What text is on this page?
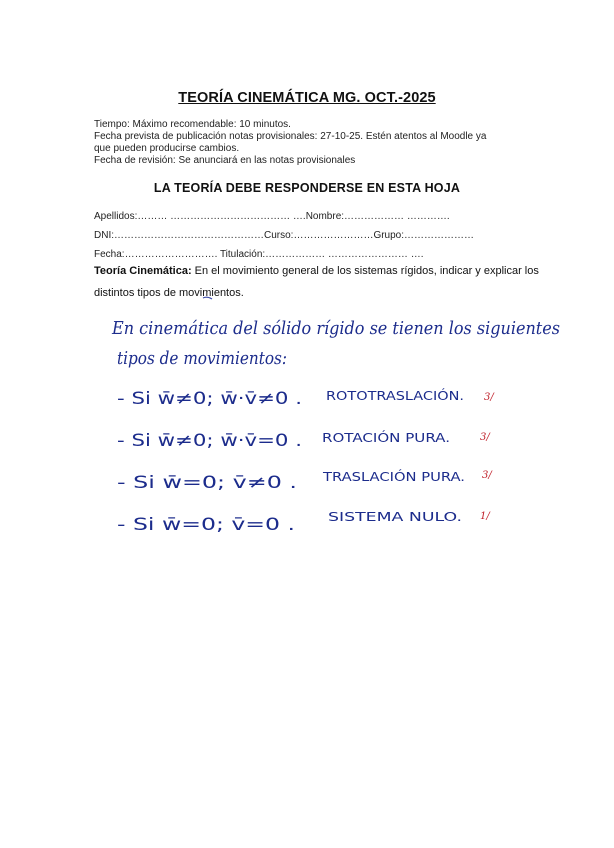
TEORÍA CINEMÁTICA MG. OCT.-2025
Tiempo: Máximo recomendable: 10 minutos.
Fecha prevista de publicación notas provisionales: 27-10-25. Estén atentos al Moodle ya
que pueden producirse cambios.
Fecha de revisión: Se anunciará en las notas provisionales
LA TEORÍA DEBE RESPONDERSE EN ESTA HOJA
Apellidos:……… ……………………………… ….Nombre:……………… ………….
DNI:………………………………………Curso:……………………Grupo:…………………
Fecha:………………………. Titulación:……………… …………………… ….
Teoría Cinemática: En el movimiento general de los sistemas rígidos, indicar y explicar los distintos tipos de movimientos.
En cinemática del sólido rígido se tienen los siguientes
tipos de movimientos:
- Si w̄≠0; w̄·v̄≠0 . ROTOTRASLACIÓN. 3/
- Si w̄≠0; w̄·v̄=0 . ROTACIÓN PURA.	3/
- Si w̄=0; v̄≠0 . TRASLACIÓN PURA. 3/
- Si w̄=0; v̄=0 .	SISTEMA NULO. 1/
